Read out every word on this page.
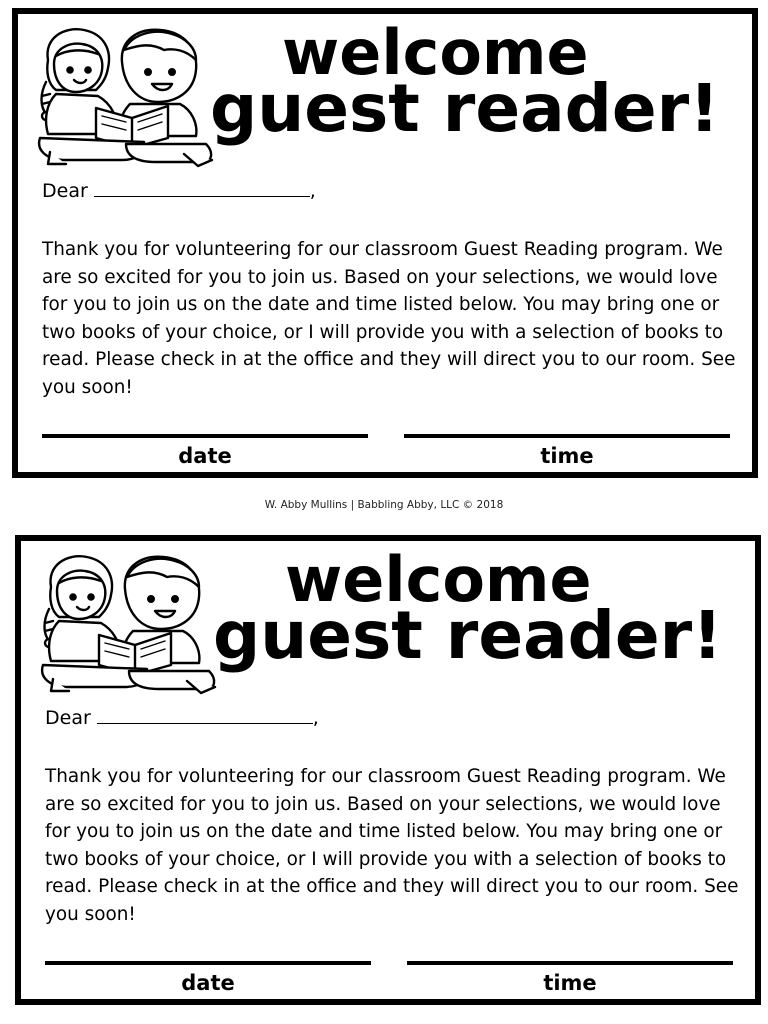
welcome
guest reader!
Dear	,

Thank you for volunteering for our classroom Guest Reading program. We are so excited for you to join us. Based on your selections, we would love for you to join us on the date and time listed below. You may bring one or two books of your choice, or I will provide you with a selection of books to read. Please check in at the office and they will direct you to our room. See you soon!

date	time
W. Abby Mullins | Babbling Abby, LLC © 2018
welcome
guest reader!
Dear	,

Thank you for volunteering for our classroom Guest Reading program. We are so excited for you to join us. Based on your selections, we would love for you to join us on the date and time listed below. You may bring one or two books of your choice, or I will provide you with a selection of books to read. Please check in at the office and they will direct you to our room. See you soon!

date	time
